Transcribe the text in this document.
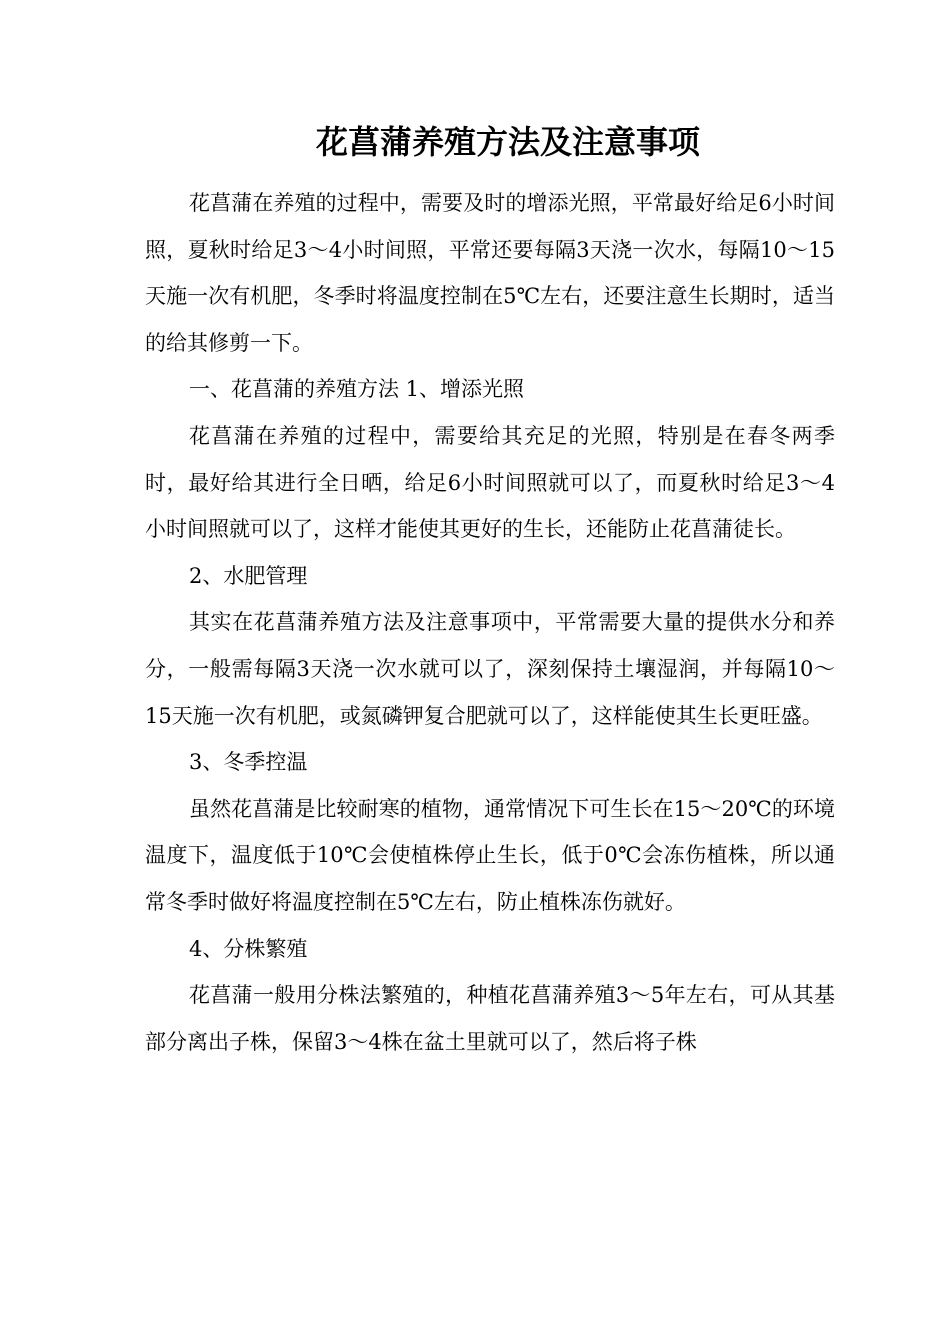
花菖蒲养殖方法及注意事项

花菖蒲在养殖的过程中，需要及时的增添光照，平常最好给足6小时间照，夏秋时给足3～4小时间照，平常还要每隔3天浇一次水，每隔10～15天施一次有机肥，冬季时将温度控制在5℃左右，还要注意生长期时，适当的给其修剪一下。

一、花菖蒲的养殖方法 1、增添光照

花菖蒲在养殖的过程中，需要给其充足的光照，特别是在春冬两季时，最好给其进行全日晒，给足6小时间照就可以了，而夏秋时给足3～4小时间照就可以了，这样才能使其更好的生长，还能防止花菖蒲徒长。

2、水肥管理

其实在花菖蒲养殖方法及注意事项中，平常需要大量的提供水分和养分，一般需每隔3天浇一次水就可以了，深刻保持土壤湿润，并每隔10～15天施一次有机肥，或氮磷钾复合肥就可以了，这样能使其生长更旺盛。

3、冬季控温

虽然花菖蒲是比较耐寒的植物，通常情况下可生长在15～20℃的环境温度下，温度低于10℃会使植株停止生长，低于0℃会冻伤植株，所以通常冬季时做好将温度控制在5℃左右，防止植株冻伤就好。

4、分株繁殖

花菖蒲一般用分株法繁殖的，种植花菖蒲养殖3～5年左右，可从其基部分离出子株，保留3～4株在盆土里就可以了，然后将子株
